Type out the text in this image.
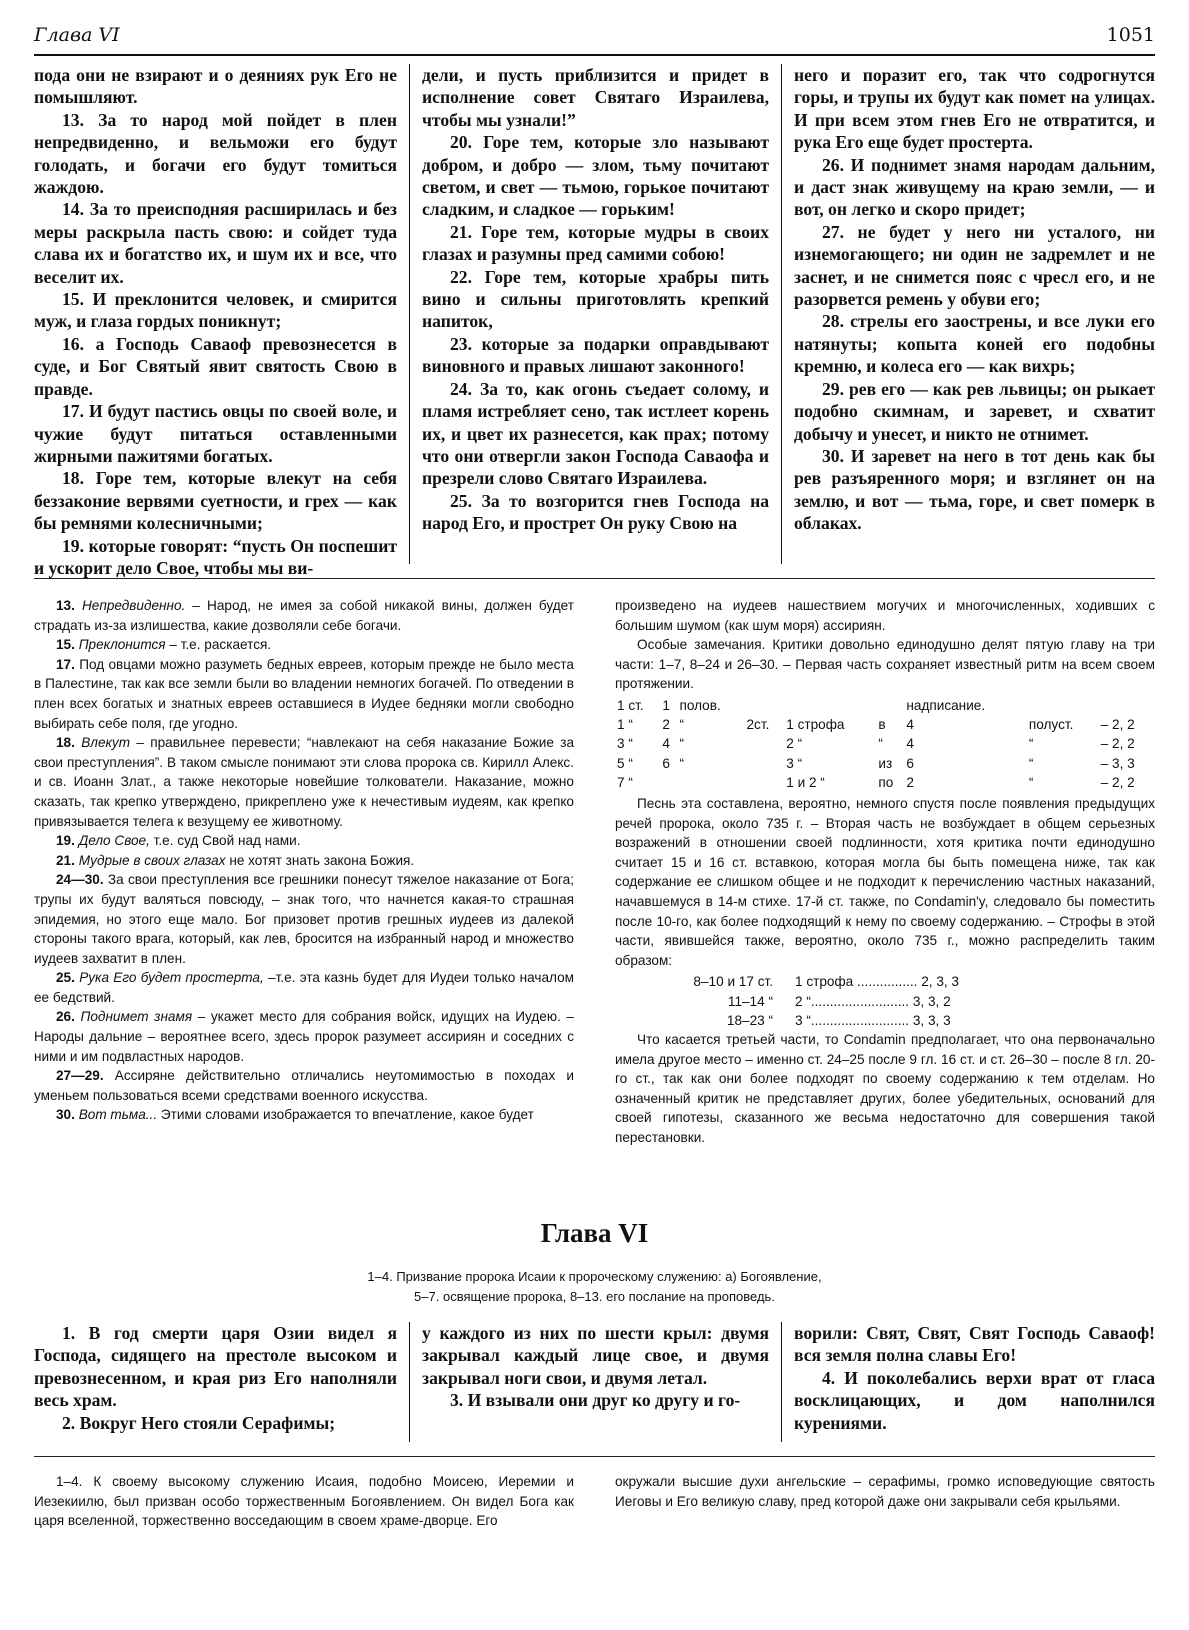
Глава VI	1051

пода они не взирают и о деяниях рук Его не помышляют.

13. За то народ мой пойдет в плен непредвиденно, и вельможи его будут голодать, и богачи его будут томиться жаждою.

14. За то преисподняя расширилась и без меры раскрыла пасть свою: и сойдет туда слава их и богатство их, и шум их и все, что веселит их.

15. И преклонится человек, и смирится муж, и глаза гордых поникнут;

16. а Господь Саваоф превознесется в суде, и Бог Святый явит святость Свою в правде.

17. И будут пастись овцы по своей воле, и чужие будут питаться оставленными жирными пажитями богатых.

18. Горе тем, которые влекут на себя беззаконие вервями суетности, и грех — как бы ремнями колесничными;

19. которые говорят: “пусть Он поспешит и ускорит дело Свое, чтобы мы ви-

дели, и пусть приблизится и придет в исполнение совет Святаго Израилева, чтобы мы узнали!”

20. Горе тем, которые зло называют добром, и добро — злом, тьму почитают светом, и свет — тьмою, горькое почитают сладким, и сладкое — горьким!

21. Горе тем, которые мудры в своих глазах и разумны пред самими собою!

22. Горе тем, которые храбры пить вино и сильны приготовлять крепкий напиток,

23. которые за подарки оправдывают виновного и правых лишают законного!

24. За то, как огонь съедает солому, и пламя истребляет сено, так истлеет корень их, и цвет их разнесется, как прах; потому что они отвергли закон Господа Саваофа и презрели слово Святаго Израилева.

25. За то возгорится гнев Господа на народ Его, и прострет Он руку Свою на

него и поразит его, так что содрогнутся горы, и трупы их будут как помет на улицах. И при всем этом гнев Его не отвратится, и рука Его еще будет простерта.

26. И поднимет знамя народам дальним, и даст знак живущему на краю земли, — и вот, он легко и скоро придет;

27. не будет у него ни усталого, ни изнемогающего; ни один не задремлет и не заснет, и не снимется пояс с чресл его, и не разорвется ремень у обуви его;

28. стрелы его заострены, и все луки его натянуты; копыта коней его подобны кремню, и колеса его — как вихрь;

29. рев его — как рев львицы; он рыкает подобно скимнам, и заревет, и схватит добычу и унесет, и никто не отнимет.

30. И заревет на него в тот день как бы рев разъяренного моря; и взглянет он на землю, и вот — тьма, горе, и свет померк в облаках.

13. Непредвиденно. – Народ, не имея за собой никакой вины, должен будет страдать из-за излишества, какие дозволяли себе богачи.

15. Преклонится – т.е. раскается.

17. Под овцами можно разуметь бедных евреев, которым прежде не было места в Палестине, так как все земли были во владении немногих богачей. По отведении в плен всех богатых и знатных евреев оставшиеся в Иудее бедняки могли свободно выбирать себе поля, где угодно.

18. Влекут – правильнее перевести; “навлекают на себя наказание Божие за свои преступления”. В таком смысле понимают эти слова пророка св. Кирилл Алекс. и св. Иоанн Злат., а также некоторые новейшие толкователи. Наказание, можно сказать, так крепко утверждено, прикреплено уже к нечестивым иудеям, как крепко привязывается телега к везущему ее животному.

19. Дело Свое, т.е. суд Свой над нами.

21. Мудрые в своих глазах не хотят знать закона Божия.

24—30. За свои преступления все грешники понесут тяжелое наказание от Бога; трупы их будут валяться повсюду, – знак того, что начнется какая-то страшная эпидемия, но этого еще мало. Бог призовет против грешных иудеев из далекой стороны такого врага, который, как лев, бросится на избранный народ и множество иудеев захватит в плен.

25. Рука Его будет простерта, –т.е. эта казнь будет для Иудеи только началом ее бедствий.

26. Поднимет знамя – укажет место для собрания войск, идущих на Иудею. – Народы дальние – вероятнее всего, здесь пророк разумеет ассириян и соседних с ними и им подвластных народов.

27—29. Ассиряне действительно отличались неутомимостью в походах и уменьем пользоваться всеми средствами военного искусства.

30. Вот тьма... Этими словами изображается то впечатление, какое будет

произведено на иудеев нашествием могучих и многочисленных, ходивших с большим шумом (как шум моря) ассириян.

Особые замечания. Критики довольно единодушно делят пятую главу на три части: 1–7, 8–24 и 26–30. – Первая часть сохраняет известный ритм на всем своем протяжении.

1 ст.	1	полов.				надписание.		
1 “	2	“	2ст.	1 строфа	в	4	полуст.	– 2, 2
3 “	4	“		2 “	“	4	“	– 2, 2
5 “	6	“		3 “	из	6	“	– 3, 3
7 “				1 и 2 “	по	2	“	– 2, 2

Песнь эта составлена, вероятно, немного спустя после появления предыдущих речей пророка, около 735 г. – Вторая часть не возбуждает в общем серьезных возражений в отношении своей подлинности, хотя критика почти единодушно считает 15 и 16 ст. вставкою, которая могла бы быть помещена ниже, так как содержание ее слишком общее и не подходит к перечислению частных наказаний, начавшемуся в 14-м стихе. 17-й ст. также, по Condamin'y, следовало бы поместить после 10-го, как более подходящий к нему по своему содержанию. – Строфы в этой части, явившейся также, вероятно, около 735 г., можно распределить таким образом:

8–10 и 17 ст.	1 строфа ................ 2, 3, 3
11–14 “	2 “.......................... 3, 3, 2
18–23 “	3 “.......................... 3, 3, 3

Что касается третьей части, то Condamin предполагает, что она первоначально имела другое место – именно ст. 24–25 после 9 гл. 16 ст. и ст. 26–30 – после 8 гл. 20-го ст., так как они более подходят по своему содержанию к тем отделам. Но означенный критик не представляет других, более убедительных, оснований для своей гипотезы, сказанного же весьма недостаточно для совершения такой перестановки.

Глава VI
1–4. Призвание пророка Исаии к пророческому служению: а) Богоявление,
5–7. освящение пророка, 8–13. его послание на проповедь.

1. В год смерти царя Озии видел я Господа, сидящего на престоле высоком и превознесенном, и края риз Его наполняли весь храм.

2. Вокруг Него стояли Серафимы;

у каждого из них по шести крыл: двумя закрывал каждый лице свое, и двумя закрывал ноги свои, и двумя летал.

3. И взывали они друг ко другу и го-

ворили: Свят, Свят, Свят Господь Саваоф! вся земля полна славы Его!

4. И поколебались верхи врат от гласа восклицающих, и дом наполнился курениями.

1–4. К своему высокому служению Исаия, подобно Моисею, Иеремии и Иезекиилю, был призван особо торжественным Богоявлением. Он видел Бога как царя вселенной, торжественно восседающим в своем храме-дворце. Его

окружали высшие духи ангельские – серафимы, громко исповедующие святость Иеговы и Его великую славу, пред которой даже они закрывали себя крыльями.
